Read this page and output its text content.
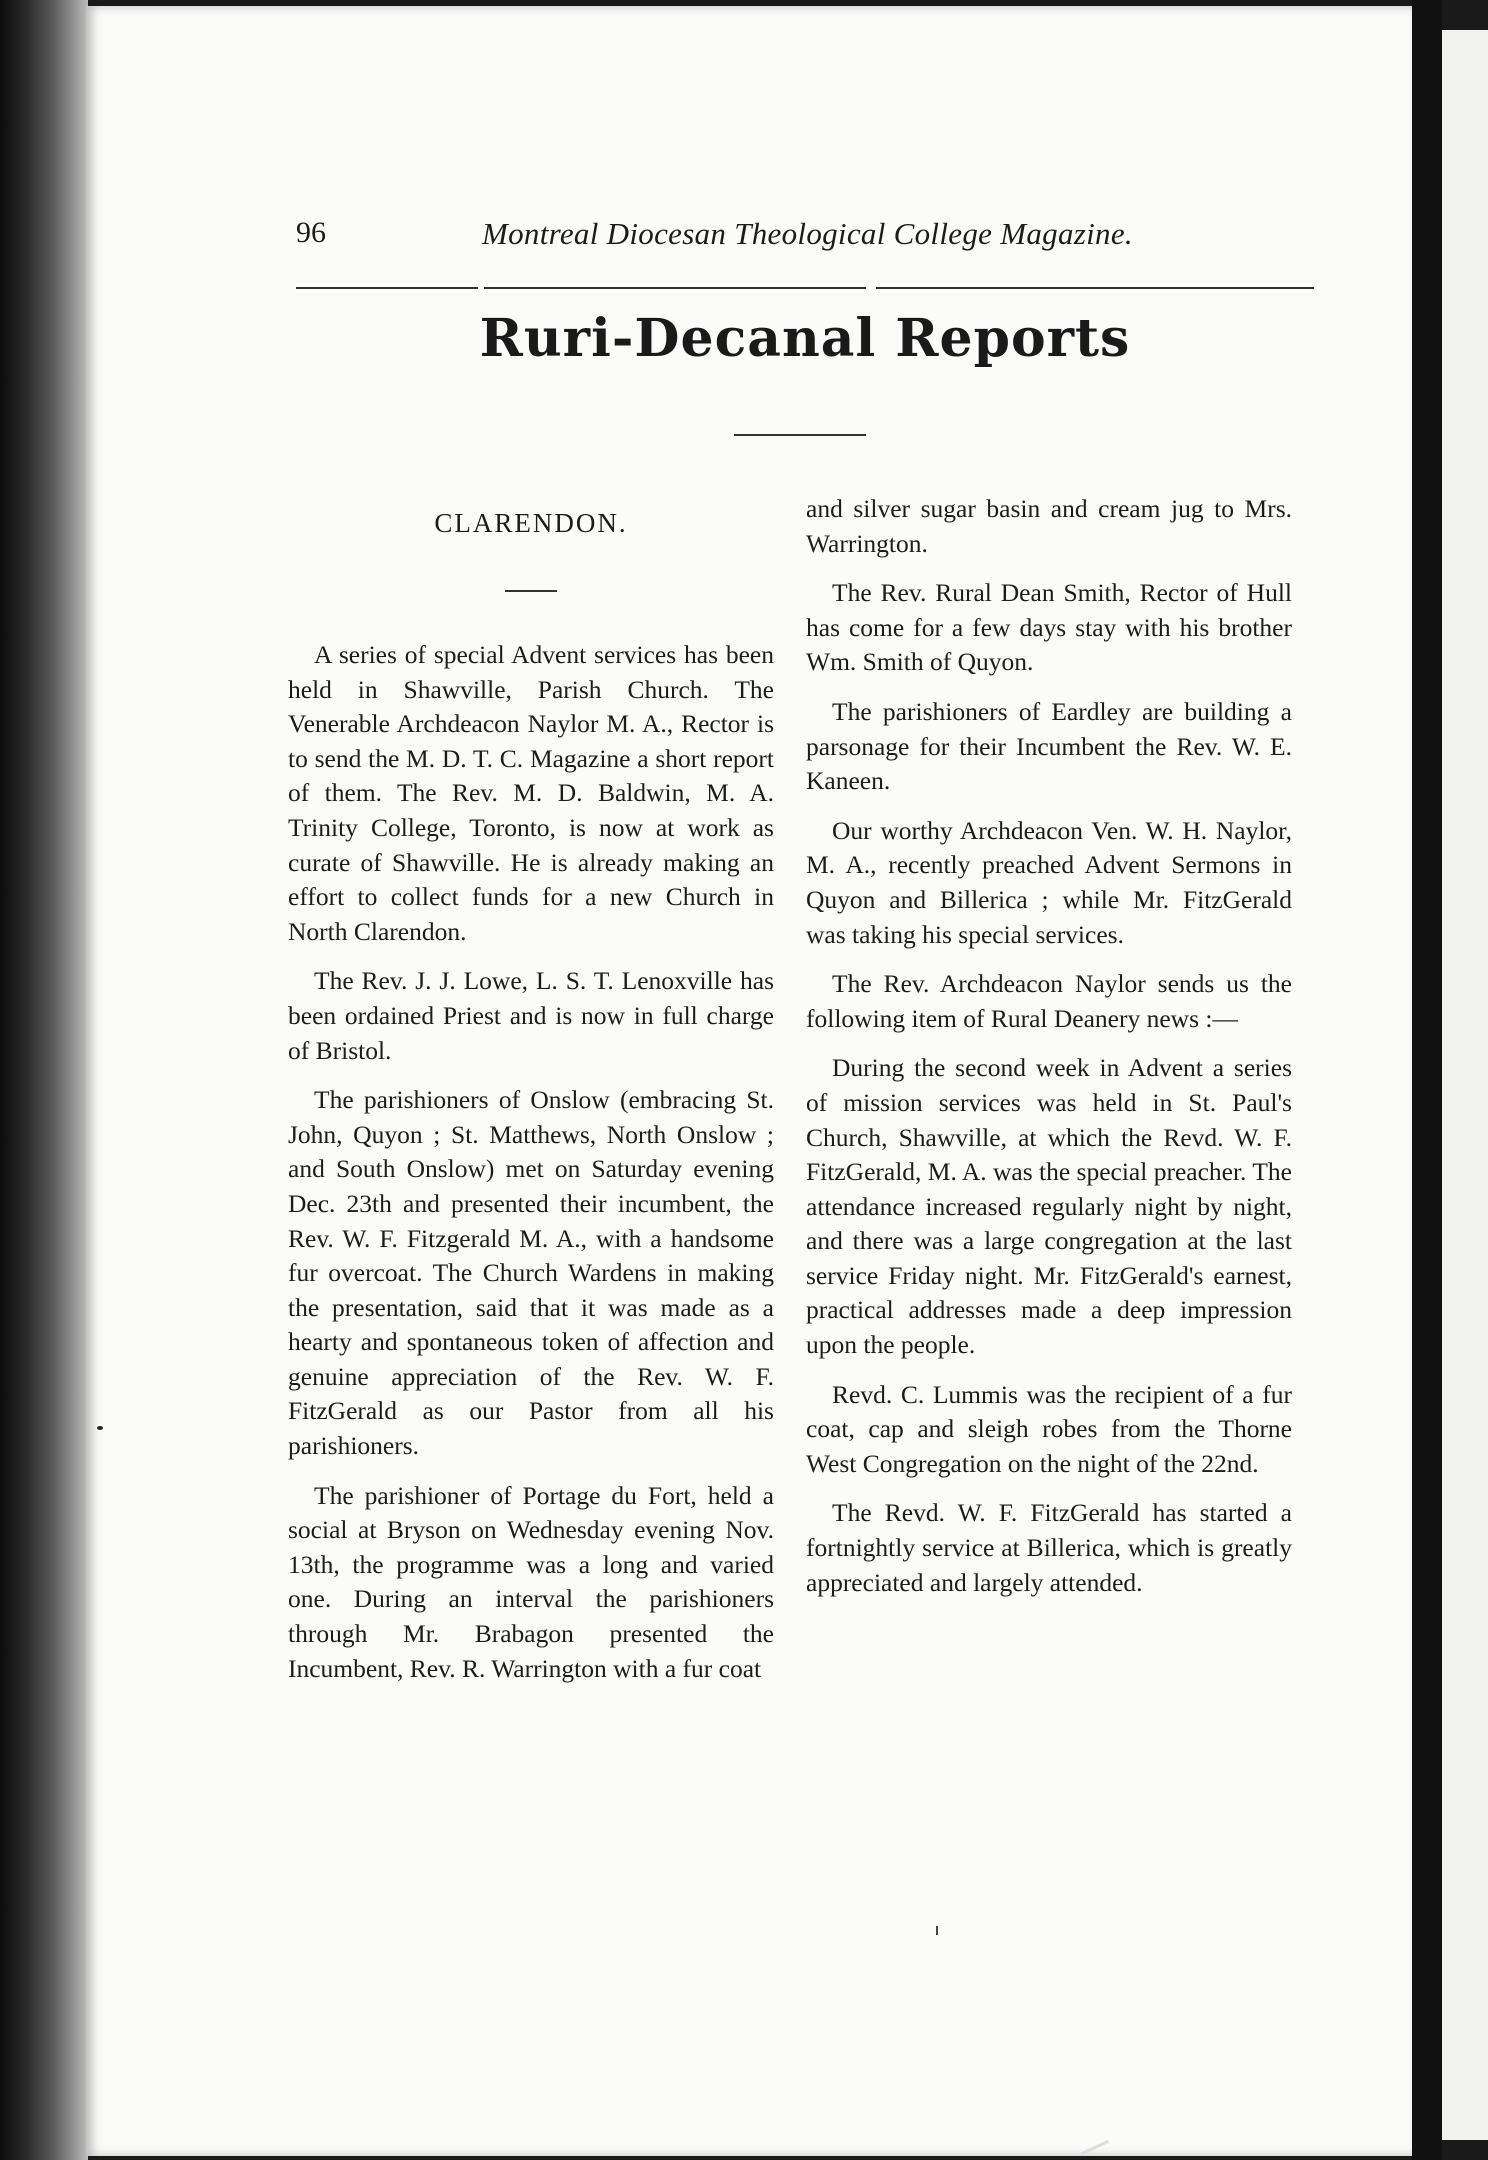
96	Montreal Diocesan Theological College Magazine.
Ruri-Decanal Reports
CLARENDON.

A series of special Advent services has been held in Shawville, Parish Church. The Venerable Archdeacon Naylor M. A., Rector is to send the M. D. T. C. Magazine a short report of them. The Rev. M. D. Baldwin, M. A. Trinity College, Toronto, is now at work as curate of Shawville. He is already making an effort to collect funds for a new Church in North Clarendon.

The Rev. J. J. Lowe, L. S. T. Lenoxville has been ordained Priest and is now in full charge of Bristol.

The parishioners of Onslow (embracing St. John, Quyon ; St. Matthews, North Onslow ; and South Onslow) met on Saturday evening Dec. 23th and presented their incumbent, the Rev. W. F. Fitzgerald M. A., with a handsome fur overcoat. The Church Wardens in making the presentation, said that it was made as a hearty and spontaneous token of affection and genuine appreciation of the Rev. W. F. FitzGerald as our Pastor from all his parishioners.

The parishioner of Portage du Fort, held a social at Bryson on Wednesday evening Nov. 13th, the programme was a long and varied one. During an interval the parishioners through Mr. Brabagon presented the Incumbent, Rev. R. Warrington with a fur coat

and silver sugar basin and cream jug to Mrs. Warrington.

The Rev. Rural Dean Smith, Rector of Hull has come for a few days stay with his brother Wm. Smith of Quyon.

The parishioners of Eardley are building a parsonage for their Incumbent the Rev. W. E. Kaneen.

Our worthy Archdeacon Ven. W. H. Naylor, M. A., recently preached Advent Sermons in Quyon and Billerica ; while Mr. FitzGerald was taking his special services.

The Rev. Archdeacon Naylor sends us the following item of Rural Deanery news :—

During the second week in Advent a series of mission services was held in St. Paul's Church, Shawville, at which the Revd. W. F. FitzGerald, M. A. was the special preacher. The attendance increased regularly night by night, and there was a large congregation at the last service Friday night. Mr. FitzGerald's earnest, practical addresses made a deep impression upon the people.

Revd. C. Lummis was the recipient of a fur coat, cap and sleigh robes from the Thorne West Congregation on the night of the 22nd.

The Revd. W. F. FitzGerald has started a fortnightly service at Billerica, which is greatly appreciated and largely attended.
